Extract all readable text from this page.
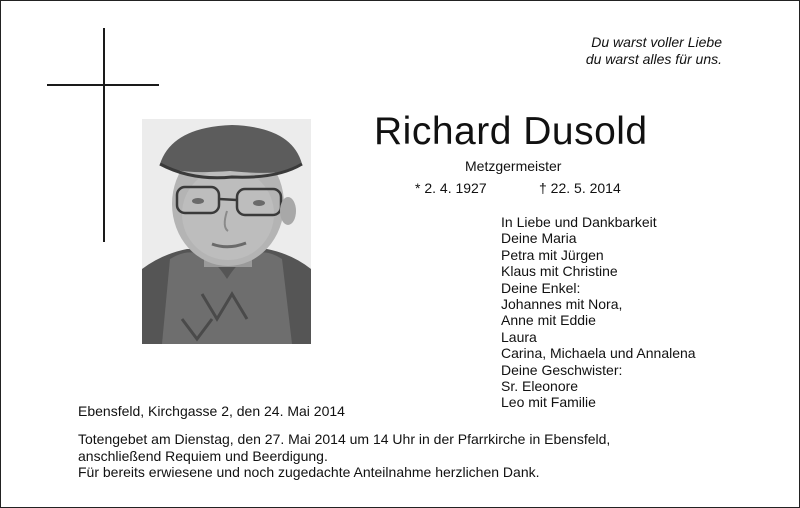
Du warst voller Liebe
du warst alles für uns.
Richard Dusold
Metzgermeister
* 2. 4. 1927	† 22. 5. 2014
In Liebe und Dankbarkeit
Deine Maria
Petra mit Jürgen
Klaus mit Christine
Deine Enkel:
Johannes mit Nora,
Anne mit Eddie
Laura
Carina, Michaela und Annalena
Deine Geschwister:
Sr. Eleonore
Leo mit Familie
Ebensfeld, Kirchgasse 2, den 24. Mai 2014
Totengebet am Dienstag, den 27. Mai 2014 um 14 Uhr in der Pfarrkirche in Ebensfeld,
anschließend Requiem und Beerdigung.
Für bereits erwiesene und noch zugedachte Anteilnahme herzlichen Dank.
